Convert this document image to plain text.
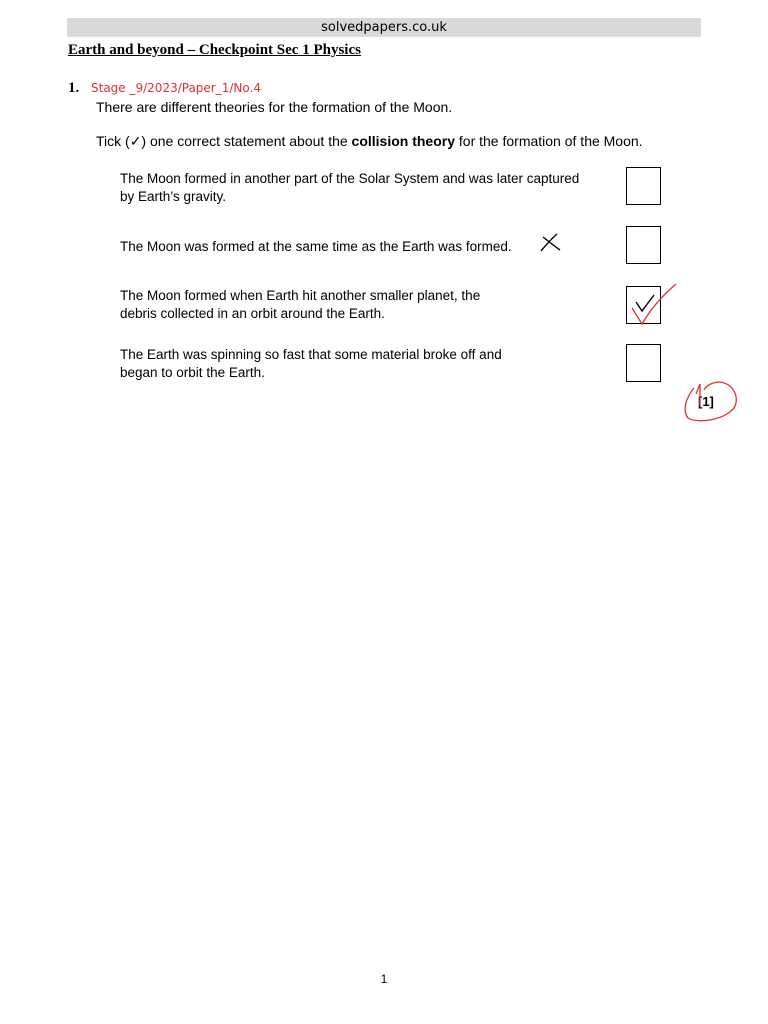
solvedpapers.co.uk
Earth and beyond – Checkpoint Sec 1 Physics
1. Stage _9/2023/Paper_1/No.4
There are different theories for the formation of the Moon.
Tick (✓) one correct statement about the collision theory for the formation of the Moon.
The Moon formed in another part of the Solar System and was later captured
by Earth’s gravity.
The Moon was formed at the same time as the Earth was formed.
The Moon formed when Earth hit another smaller planet, the
debris collected in an orbit around the Earth.
The Earth was spinning so fast that some material broke off and
began to orbit the Earth.
[1]
1
